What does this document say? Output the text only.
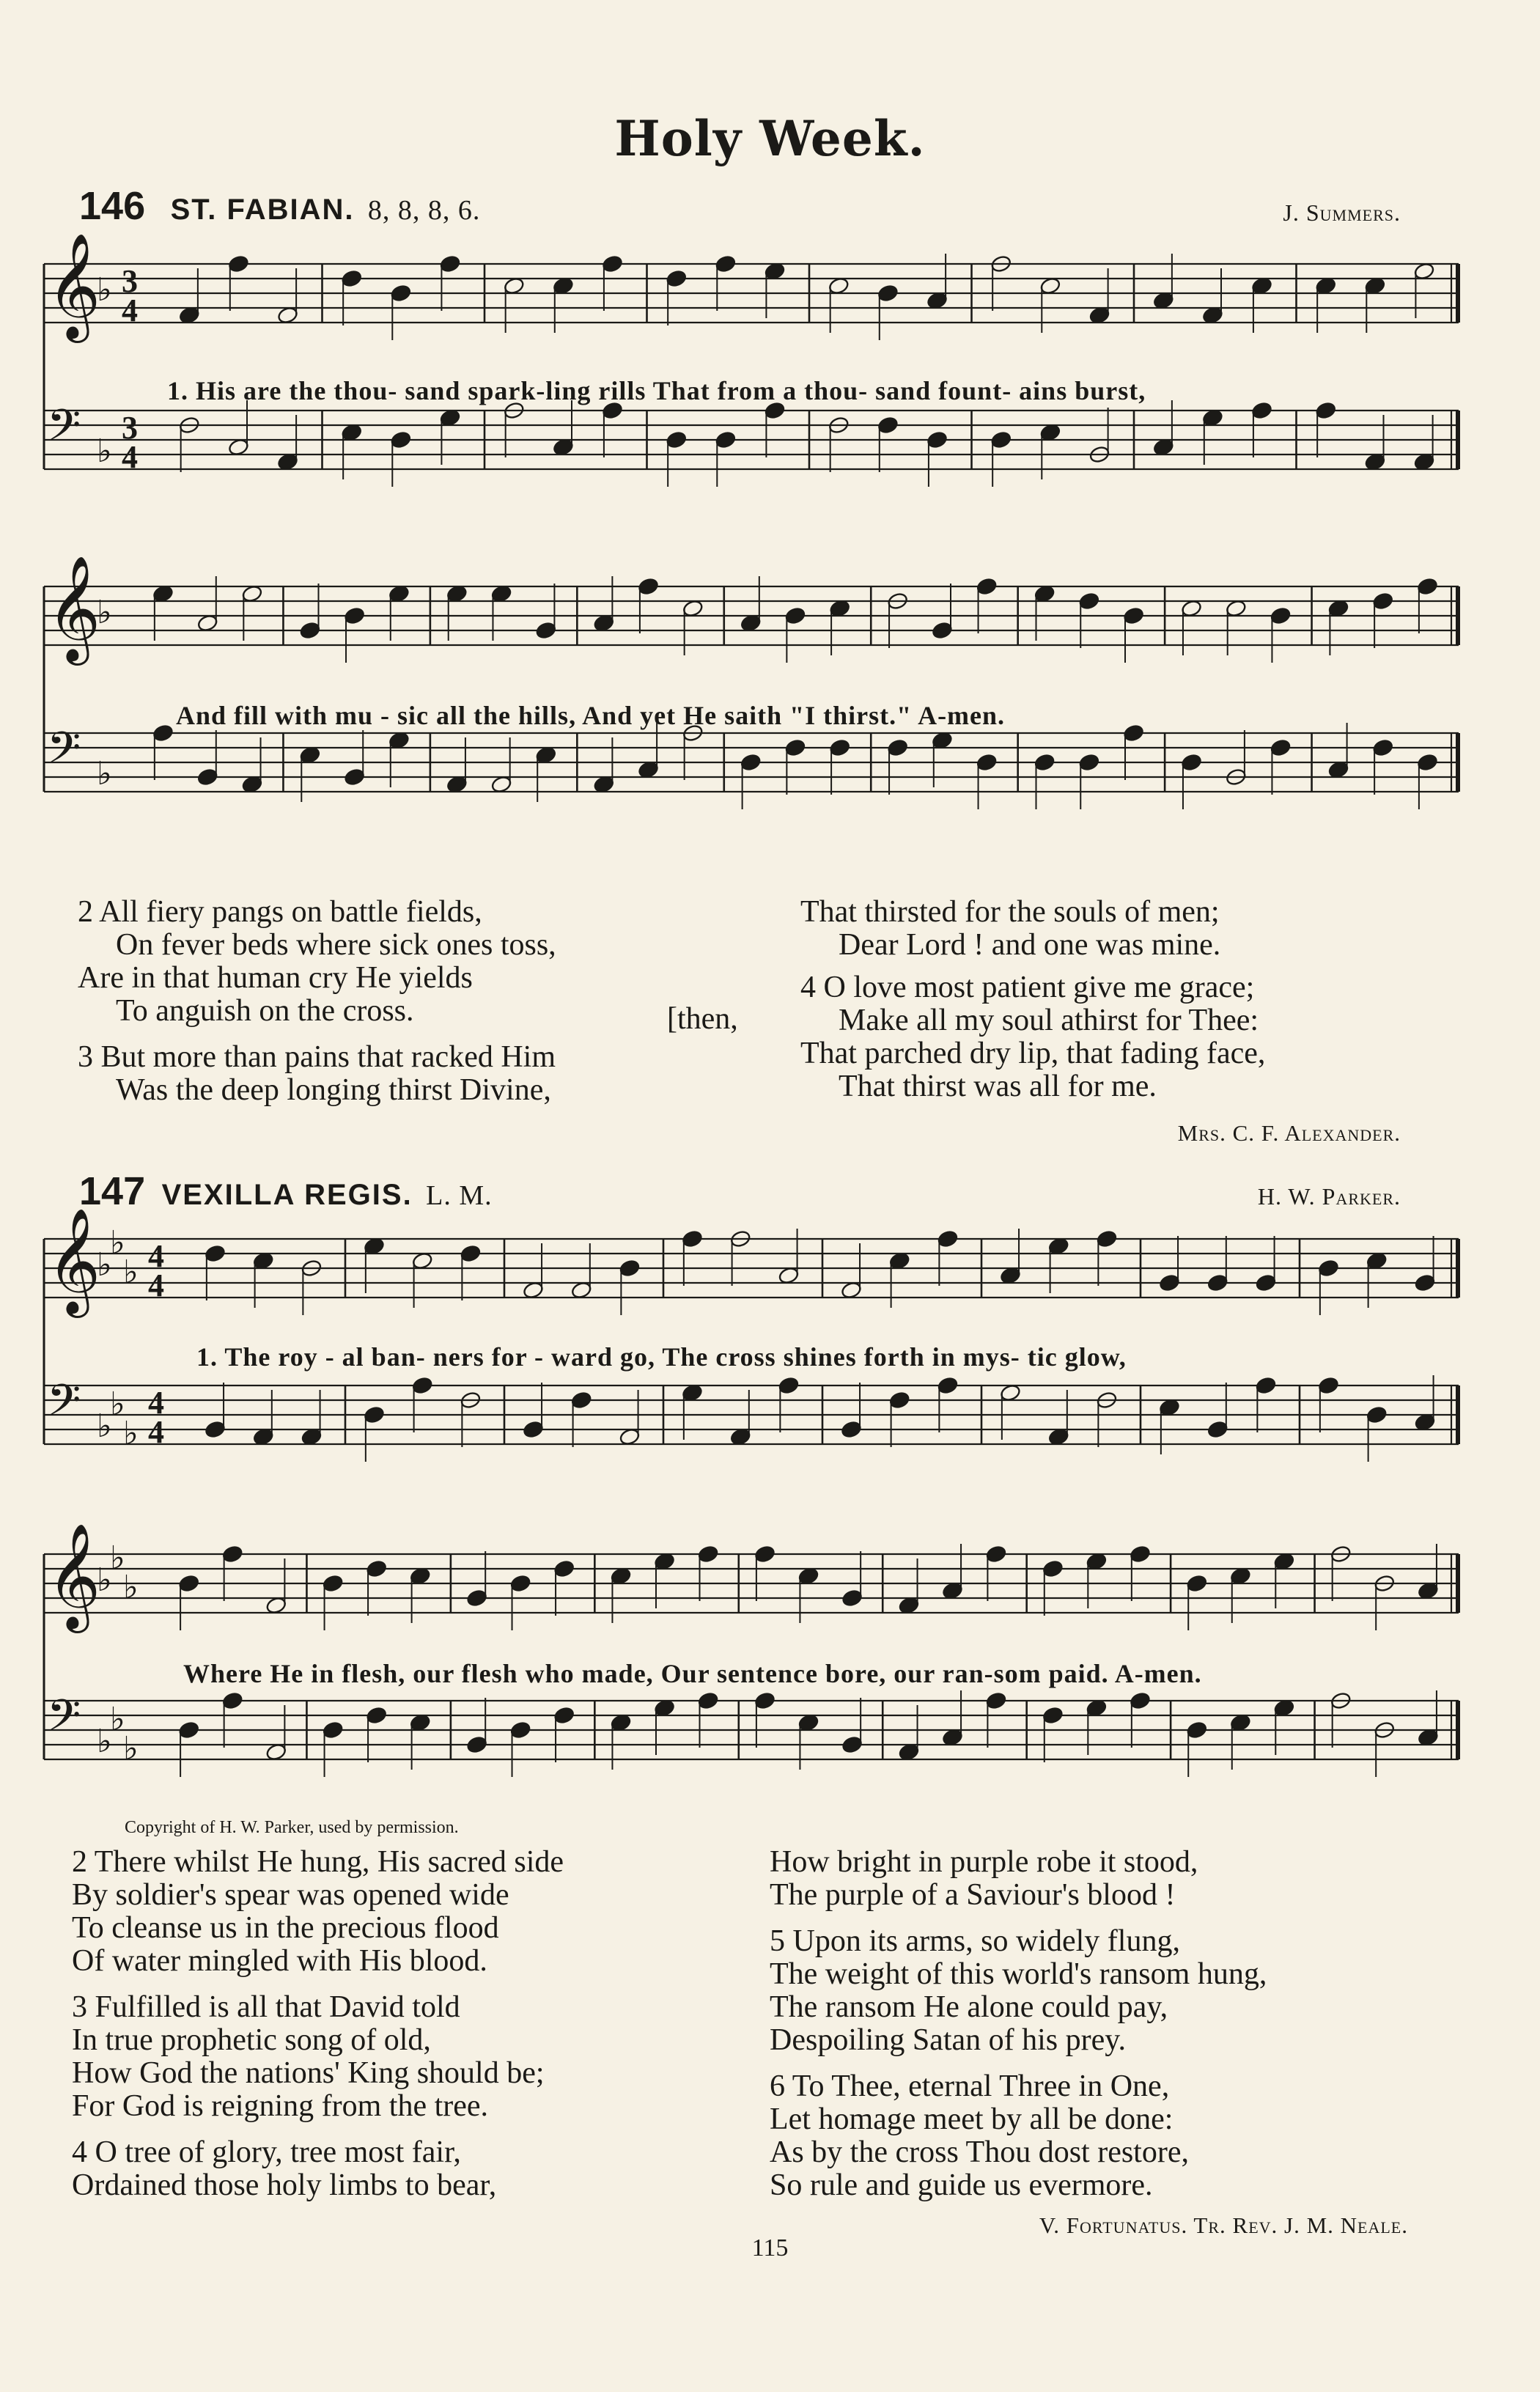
Holy Week.
146 ST. FABIAN. 8, 8, 8, 6.	J. Summers.
𝄞
♭ 3
4
𝄢 ♭
3
4
1. His are the thou- sand spark-ling rills That from a thou- sand fount- ains burst,
𝄞
♭
𝄢 ♭
And fill with mu - sic all the hills, And yet He saith "I thirst." A-men.
2 All fiery pangs on battle fields,
On fever beds where sick ones toss,
Are in that human cry He yields
To anguish on the cross.	[then,
3 But more than pains that racked Him
Was the deep longing thirst Divine,
That thirsted for the souls of men;
Dear Lord ! and one was mine.
4 O love most patient give me grace;
Make all my soul athirst for Thee:
That parched dry lip, that fading face,
That thirst was all for me.
Mrs. C. F. Alexander.
147 VEXILLA REGIS. L. M.	H. W. Parker.
𝄞
♭
♭
♭ 4
4
𝄢 ♭
♭
♭
4
4
1. The roy - al ban- ners for - ward go, The cross shines forth in mys- tic glow,
𝄞
♭
♭
♭
𝄢 ♭
♭
♭
Where He in flesh, our flesh who made, Our sentence bore, our ran-som paid. A-men.
Copyright of H. W. Parker, used by permission.
2 There whilst He hung, His sacred side
By soldier's spear was opened wide
To cleanse us in the precious flood
Of water mingled with His blood.
3 Fulfilled is all that David told
In true prophetic song of old,
How God the nations' King should be;
For God is reigning from the tree.
4 O tree of glory, tree most fair,
Ordained those holy limbs to bear,
How bright in purple robe it stood,
The purple of a Saviour's blood !
5 Upon its arms, so widely flung,
The weight of this world's ransom hung,
The ransom He alone could pay,
Despoiling Satan of his prey.
6 To Thee, eternal Three in One,
Let homage meet by all be done:
As by the cross Thou dost restore,
So rule and guide us evermore.
V. Fortunatus. Tr. Rev. J. M. Neale.
115
